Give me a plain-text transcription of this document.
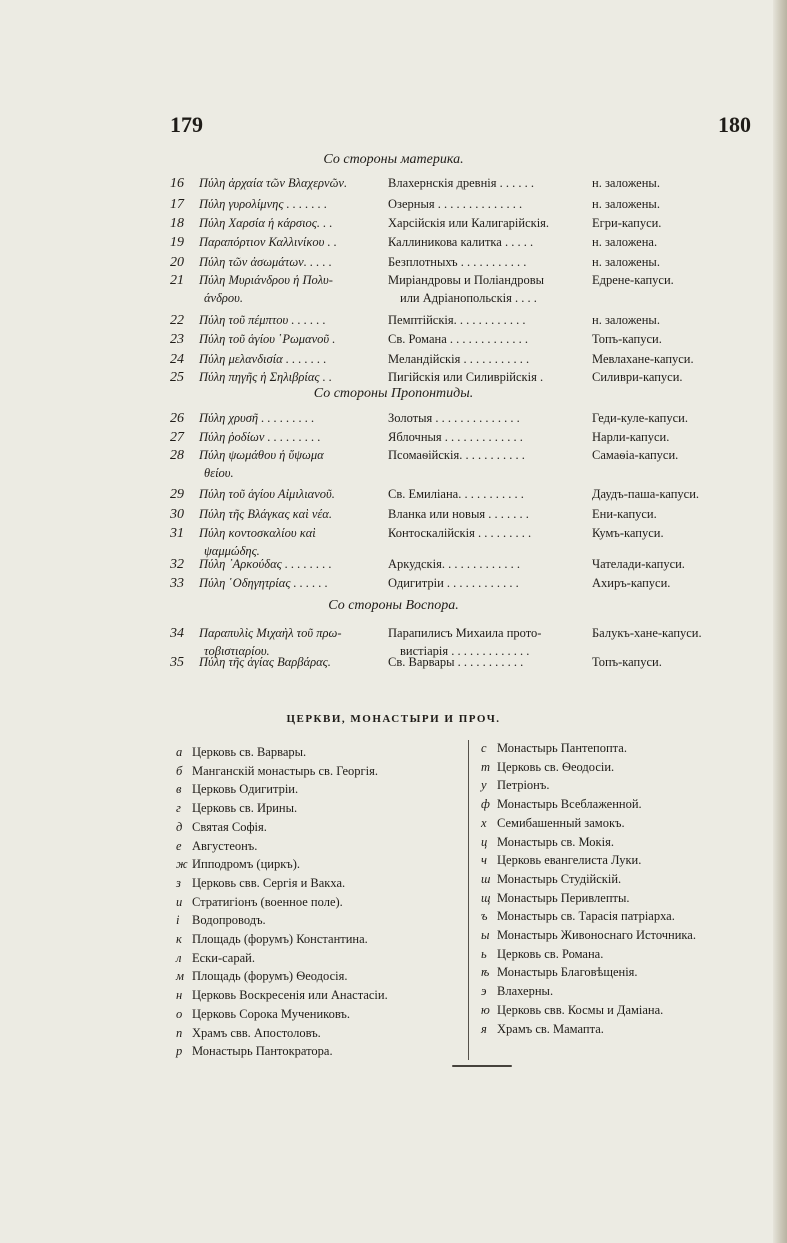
179	180
Со стороны материка.
Со стороны Пропонтиды.
Со стороны Воспора.
16 Πύλη ἀρχαία τῶν Βλαχερνῶν.	Влахернскія древнія . . . . . .	н. заложены.
17 Πύλη γυρολίμνης . . . . . . .	Озерныя . . . . . . . . . . . . . .	н. заложены.
18 Πύλη Χαρσία ἡ κάρσιος. . .	Харсійскія или Калигарійскія.	Егри-капуси.
19 Παραπόρτιον Καλλινίκου . .	Каллиникова калитка . . . . .	н. заложена.
20 Πύλη τῶν ἀσωμάτων. . . . .	Безплотныхъ . . . . . . . . . . .	н. заложены.
21 Πύλη Μυριάνδρου ἡ Πολυ-	Миріандровы и Поліандровы	Едрене-капуси.
άνδρου.	или Адріанопольскія . . . .
22 Πύλη τοῦ πέμπτου . . . . . .	Пемптійскія. . . . . . . . . . . .	н. заложены.
23 Πύλη τοῦ ἁγίου ῾Ρωμανοῦ .	Св. Романа . . . . . . . . . . . . .	Топъ-капуси.
24 Πύλη μελανδισία . . . . . . .	Меландійскія . . . . . . . . . . .	Мевлахане-капуси.
25 Πύλη πηγῆς ἡ Σηλιβρίας . .	Пигійскія или Силиврійскія .	Силиври-капуси.
26 Πύλη χρυσῆ . . . . . . . . .	Золотыя . . . . . . . . . . . . . .	Геди-куле-капуси.
27 Πύλη ῥοδίων . . . . . . . . .	Яблочныя . . . . . . . . . . . . .	Нарли-капуси.
28 Πύλη ψωμάθου ἡ ὕψωμα	Псомаѳійскія. . . . . . . . . . .	Самаѳіа-капуси.
θείου.
29 Πύλη τοῦ ἁγίου Αἰμιλιανοῦ.	Св. Емиліана. . . . . . . . . . .	Даудъ-паша-капуси.
30 Πύλη τῆς Βλάγκας καὶ νέα.	Вланка или новыя . . . . . . .	Ени-капуси.
31 Πύλη κοντοσκαλίου καὶ	Контоскалійскія . . . . . . . . .	Кумъ-капуси.
ψαμμώδης.
32 Πύλη ᾽Αρκούδας . . . . . . . .	Аркудскія. . . . . . . . . . . . .	Чателади-капуси.
33 Πύλη ῾Οδηγητρίας . . . . . .	Одигитріи . . . . . . . . . . . .	Ахиръ-капуси.
34 Παραπυλὶς Μιχαὴλ τοῦ πρω-	Парапилисъ Михаила прото-	Балукъ-хане-капуси.
τοβιστιαρίου.	вистіарія . . . . . . . . . . . . .
35 Πύλη τῆς ἁγίας Βαρβάρας.	Св. Варвары . . . . . . . . . . .	Топъ-капуси.
ЦЕРКВИ, МОНАСТЫРИ И ПРОЧ.
а Церковь св. Варвары.
б Манганскій монастырь св. Георгія.
в Церковь Одигитріи.
г Церковь св. Ирины.
д Святая Софія.
е Августеонъ.
ж Ипподромъ (циркъ).
з Церковь свв. Сергія и Вакха.
и Стратигіонъ (военное поле).
і Водопроводъ.
к Площадь (форумъ) Константина.
л Ески-сарай.
м Площадь (форумъ) Ѳеодосія.
н Церковь Воскресенія или Анастасіи.
о Церковь Сорока Мучениковъ.
п Храмъ свв. Апостоловъ.
р Монастырь Пантократора.
с Монастырь Пантепопта.
т Церковь св. Ѳеодосіи.
у Петріонъ.
ф Монастырь Всеблаженной.
х Семибашенный замокъ.
ц Монастырь св. Мокія.
ч Церковь евангелиста Луки.
ш Монастырь Студійскій.
щ Монастырь Перивлепты.
ъ Монастырь св. Тарасія патріарха.
ы Монастырь Живоноснаго Источника.
ь Церковь св. Романа.
ѣ Монастырь Благовѣщенія.
э Влахерны.
ю Церковь свв. Космы и Даміана.
я Храмъ св. Мамапта.
